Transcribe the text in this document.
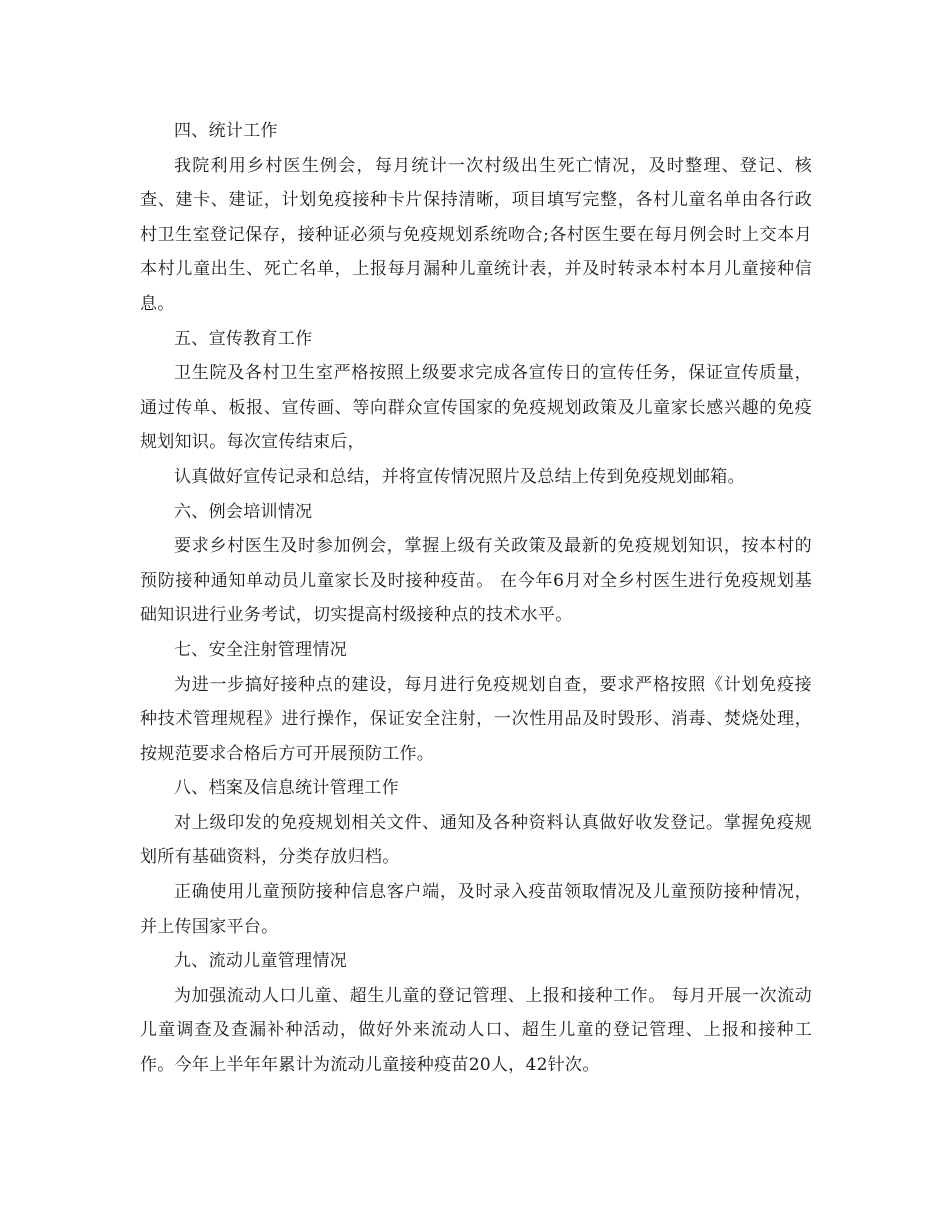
四、统计工作

我院利用乡村医生例会，每月统计一次村级出生死亡情况，及时整理、登记、核查、建卡、建证，计划免疫接种卡片保持清晰，项目填写完整，各村儿童名单由各行政村卫生室登记保存，接种证必须与免疫规划系统吻合;各村医生要在每月例会时上交本月本村儿童出生、死亡名单，上报每月漏种儿童统计表，并及时转录本村本月儿童接种信息。

五、宣传教育工作

卫生院及各村卫生室严格按照上级要求完成各宣传日的宣传任务，保证宣传质量，通过传单、板报、宣传画、等向群众宣传国家的免疫规划政策及儿童家长感兴趣的免疫规划知识。每次宣传结束后，

认真做好宣传记录和总结，并将宣传情况照片及总结上传到免疫规划邮箱。

六、例会培训情况

要求乡村医生及时参加例会，掌握上级有关政策及最新的免疫规划知识，按本村的预防接种通知单动员儿童家长及时接种疫苗。 在今年6月对全乡村医生进行免疫规划基础知识进行业务考试，切实提高村级接种点的技术水平。

七、安全注射管理情况

为进一步搞好接种点的建设，每月进行免疫规划自查，要求严格按照《计划免疫接种技术管理规程》进行操作，保证安全注射，一次性用品及时毁形、消毒、焚烧处理，按规范要求合格后方可开展预防工作。

八、档案及信息统计管理工作

对上级印发的免疫规划相关文件、通知及各种资料认真做好收发登记。掌握免疫规划所有基础资料，分类存放归档。

正确使用儿童预防接种信息客户端，及时录入疫苗领取情况及儿童预防接种情况，并上传国家平台。

九、流动儿童管理情况

为加强流动人口儿童、超生儿童的登记管理、上报和接种工作。 每月开展一次流动儿童调查及查漏补种活动，做好外来流动人口、超生儿童的登记管理、上报和接种工作。今年上半年年累计为流动儿童接种疫苗20人，42针次。
